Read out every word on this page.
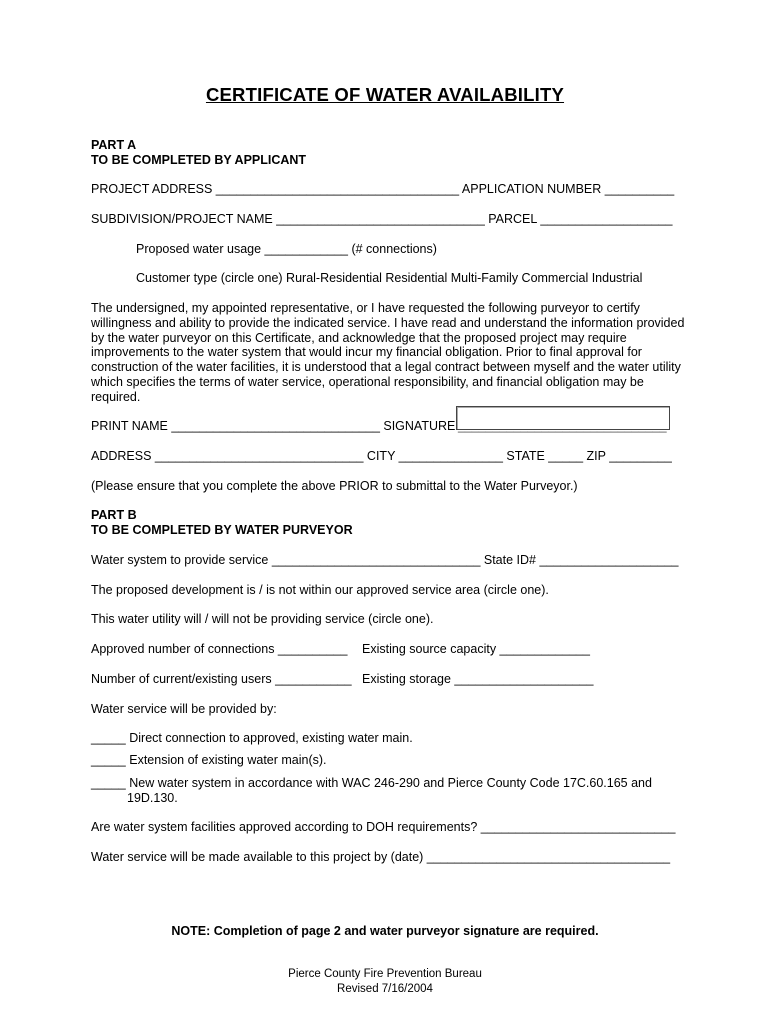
CERTIFICATE OF WATER AVAILABILITY
PART A
TO BE COMPLETED BY APPLICANT
PROJECT ADDRESS ___________________________________ APPLICATION NUMBER __________
SUBDIVISION/PROJECT NAME ______________________________ PARCEL ___________________
Proposed water usage ____________ (# connections)
Customer type (circle one) Rural-Residential Residential Multi-Family Commercial Industrial
The undersigned, my appointed representative, or I have requested the following purveyor to certify willingness and ability to provide the indicated service. I have read and understand the information provided by the water purveyor on this Certificate, and acknowledge that the proposed project may require improvements to the water system that would incur my financial obligation. Prior to final approval for construction of the water facilities, it is understood that a legal contract between myself and the water utility which specifies the terms of water service, operational responsibility, and financial obligation may be required.
PRINT NAME ______________________________ SIGNATURE ______________________________
ADDRESS ______________________________ CITY _______________ STATE _____ ZIP _________
(Please ensure that you complete the above PRIOR to submittal to the Water Purveyor.)
PART B
TO BE COMPLETED BY WATER PURVEYOR
Water system to provide service ______________________________ State ID# ____________________
The proposed development is / is not within our approved service area (circle one).
This water utility will / will not be providing service (circle one).
Approved number of connections __________ Existing source capacity _____________
Number of current/existing users ___________ Existing storage ____________________
Water service will be provided by:
_____ Direct connection to approved, existing water main.
_____ Extension of existing water main(s).
_____ New water system in accordance with WAC 246-290 and Pierce County Code 17C.60.165 and
19D.130.
Are water system facilities approved according to DOH requirements? ____________________________
Water service will be made available to this project by (date) ___________________________________
NOTE: Completion of page 2 and water purveyor signature are required.
Pierce County Fire Prevention Bureau
Revised 7/16/2004
